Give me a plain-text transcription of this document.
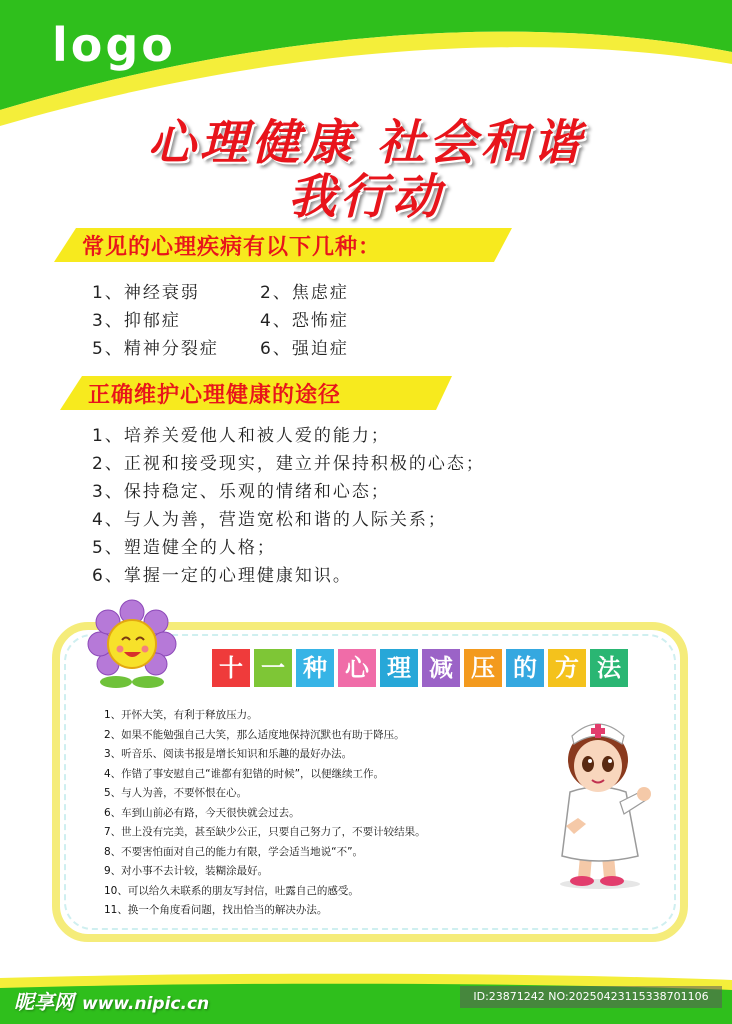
logo
心理健康 社会和谐
我行动
常见的心理疾病有以下几种：
1、神经衰弱	2、焦虑症
3、抑郁症	4、恐怖症
5、精神分裂症 6、强迫症
正确维护心理健康的途径
1、培养关爱他人和被人爱的能力；
2、正视和接受现实，建立并保持积极的心态；
3、保持稳定、乐观的情绪和心态；
4、与人为善，营造宽松和谐的人际关系；
5、塑造健全的人格；
6、掌握一定的心理健康知识。
十 一 种 心 理 减 压 的 方 法
1、开怀大笑，有利于释放压力。
2、如果不能勉强自己大笑，那么适度地保持沉默也有助于降压。
3、听音乐、阅读书报是增长知识和乐趣的最好办法。
4、作错了事安慰自己“谁都有犯错的时候”，以便继续工作。
5、与人为善，不要怀恨在心。
6、车到山前必有路，今天很快就会过去。
7、世上没有完美，甚至缺少公正，只要自己努力了，不要计较结果。
8、不要害怕面对自己的能力有限，学会适当地说“不”。
9、对小事不去计较，装糊涂最好。
10、可以给久未联系的朋友写封信，吐露自己的感受。
11、换一个角度看问题，找出恰当的解决办法。
昵享网 www.nipic.cn	ID:23871242 NO:20250423115338701106
